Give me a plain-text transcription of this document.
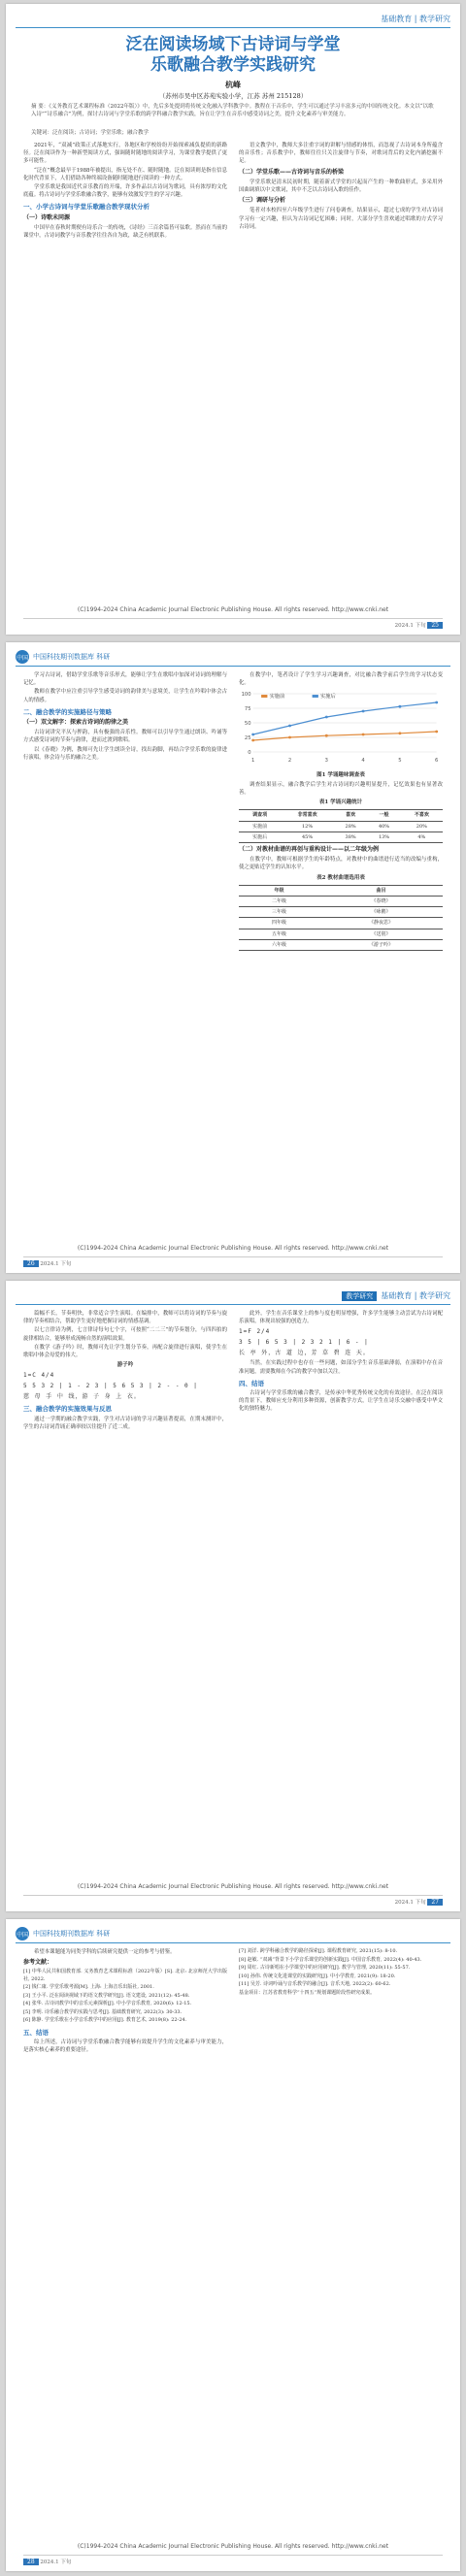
基础教育 | 教学研究
泛在阅读场域下古诗词与学堂
乐歌融合教学实践研究
杭峰
（苏州市吴中区苏苑实验小学，江苏 苏州 215128）
摘 要：《义务教育艺术课程标准（2022年版）》中，先后多处提到将传统文化融入学科教学中。教程在于音乐中，学生可以通过学习丰富多元的中国传统文化。本文以“以歌入诗”“诗乐融合”为例，探讨古诗词与学堂乐歌的跨学科融合教学实践，旨在让学生在音乐中感受诗词之美，提升文化素养与审美能力。
关键词：泛在阅读；古诗词；学堂乐歌；融合教学

2021年，“双减”政策正式落地实行，各地区和学校纷纷开始探索减负提质的新路径。泛在阅读作为一种新型阅读方式，强调随时随地的阅读学习，为课堂教学提供了更多可能性。

“泛在”概念最早于1988年被提出，指无处不在、随时随地。泛在阅读则是指在信息化时代背景下，人们借助各种终端设备随时随地进行阅读的一种方式。

学堂乐歌是我国近代音乐教育的开端，许多作品以古诗词为歌词，具有浓厚的文化底蕴。将古诗词与学堂乐歌融合教学，能够有效激发学生的学习兴趣。

一、小学古诗词与学堂乐歌融合教学现状分析
（一）诗歌未同源

中国早在春秋时期便有诗乐合一的传统，《诗经》三百余篇皆可弦歌。然而在当前的课堂中，古诗词教学与音乐教学往往各自为政，缺乏有机联系。

语文教学中，教师大多注重字词的讲解与情感的体悟，而忽视了古诗词本身所蕴含的音乐性；音乐教学中，教师往往只关注旋律与节奏，对歌词背后的文化内涵挖掘不足。

（二）学堂乐歌——古诗词与音乐的桥梁

学堂乐歌是清末民初时期，随着新式学堂的兴起而产生的一种歌曲形式，多采用外国曲调填以中文歌词，其中不乏以古诗词入歌的佳作。

（三）调研与分析

笔者对本校四至六年级学生进行了问卷调查，结果显示，超过七成的学生对古诗词学习有一定兴趣，但认为古诗词记忆困难；同时，大部分学生喜欢通过唱歌的方式学习古诗词。

(C)1994-2024 China Academic Journal Electronic Publishing House. All rights reserved. http://www.cnki.net
2024.1 下旬 25
中国 中国科技期刊数据库 科研

学习古诗词，借助学堂乐歌等音乐形式，能够让学生在歌唱中加深对诗词的理解与记忆。

教师在教学中应注重引导学生感受诗词的韵律美与意境美，让学生在吟唱中体会古人的情感。

二、融合教学的实施路径与策略
（一）双文解字：探索古诗词的韵律之美

古诗词讲究平仄与押韵，具有极强的音乐性。教师可以引导学生通过朗读、吟诵等方式感受诗词的节奏与韵律，进而过渡到歌唱。

以《春晓》为例，教师可先让学生朗读全诗，找出韵脚，再结合学堂乐歌的旋律进行演唱，体会诗与乐的融合之美。

在教学中，笔者设计了学生学习兴趣调查，对比融合教学前后学生的学习状态变化。

0
25
50
75
100
1	2	3	4	5	6
实施前	实施后
图1 学诵趣味调查表

调查结果显示，融合教学后学生对古诗词的兴趣明显提升，记忆效果也有显著改善。

表1 学诵兴趣统计
调查项	非常喜欢	喜欢	一般	不喜欢
实施前	12%	28%	40%	20%
实施后	45%	38%	13%	4%
（二）对教材曲谱的再创与重构设计——以二年级为例

在教学中，教师可根据学生的年龄特点，对教材中的曲谱进行适当的改编与重构，使之更贴近学生的认知水平。

表2 教材曲谱选用表
年级	曲目
二年级	《春晓》
三年级	《咏鹅》
四年级	《静夜思》
五年级	《送别》
六年级	《游子吟》
(C)1994-2024 China Academic Journal Electronic Publishing House. All rights reserved. http://www.cnki.net
26 2024.1 下旬
教学研究 基础教育 | 教学研究

篇幅不长，节奏明快，非常适合学生演唱。在编排中，教师可以将诗词的节奏与旋律的节奏相结合，帮助学生更好地把握诗词的情感基调。

以七言律诗为例，七言律诗每句七个字，可按照“二二三”的节奏划分，与四四拍的旋律相结合，能够形成流畅自然的演唱效果。

在教学《游子吟》时，教师可先让学生划分节奏，再配合旋律进行演唱，使学生在歌唱中体会母爱的伟大。

游子吟
1=C 4/4
5 5 3 2 | 1 - 2 3 | 5 6 5 3 | 2 - - 0 |
慈 母 手 中 线，游 子 身 上 衣。
三、融合教学的实施效果与反思

通过一学期的融合教学实践，学生对古诗词的学习兴趣显著提高，在期末测评中，学生的古诗词背诵正确率较以往提升了近二成。

此外，学生在音乐课堂上的参与度也明显增强，许多学生能够主动尝试为古诗词配乐演唱，体现出较强的创造力。

1=F 2/4
3 5 | 6 5 3 | 2 3 2 1 | 6 - |
长 亭 外，古 道 边，芳 草 碧 连 天。

当然，在实践过程中也存在一些问题，如部分学生音乐基础薄弱，在演唱中存在音准问题，需要教师在今后的教学中加以关注。

四、结语

古诗词与学堂乐歌的融合教学，是传承中华优秀传统文化的有效途径。在泛在阅读的背景下，教师应充分利用多种资源，创新教学方式，让学生在诗乐交融中感受中华文化的独特魅力。

(C)1994-2024 China Academic Journal Electronic Publishing House. All rights reserved. http://www.cnki.net
2024.1 下旬 27
中国 中国科技期刊数据库 科研

希望本课题能为同类学科的后续研究提供一定的参考与借鉴。

参考文献：

[1] 中华人民共和国教育部. 义务教育艺术课程标准（2022年版）[S]. 北京: 北京师范大学出版社, 2022.

[2] 钱仁康. 学堂乐歌考源[M]. 上海: 上海音乐出版社, 2001.

[3] 王小平. 泛在阅读视域下的语文教学研究[J]. 语文建设, 2021(12): 45-48.

[4] 张华. 古诗词教学中的音乐元素探析[J]. 中小学音乐教育, 2020(6): 12-15.

[5] 李明. 诗乐融合教学的实践与思考[J]. 基础教育研究, 2022(3): 30-33.

[6] 陈静. 学堂乐歌在小学音乐教学中的应用[J]. 教育艺术, 2019(8): 22-24.

五、结语

综上所述，古诗词与学堂乐歌融合教学能够有效提升学生的文化素养与审美能力，是落实核心素养的重要途径。

[7] 刘洋. 跨学科融合教学的路径探索[J]. 课程教育研究, 2021(15): 8-10.

[8] 赵敏. “双减”背景下小学音乐课堂的创新实践[J]. 中国音乐教育, 2022(4): 40-43.

[9] 周红. 古诗新唱在小学课堂中的应用研究[J]. 教学与管理, 2020(11): 55-57.

[10] 孙伟. 传统文化进课堂的实践研究[J]. 中小学教育, 2021(9): 18-20.

[11] 吴芳. 诗词吟诵与音乐教学的融合[J]. 音乐天地, 2022(2): 60-62.

基金项目：江苏省教育科学“十四五”规划课题阶段性研究成果。

(C)1994-2024 China Academic Journal Electronic Publishing House. All rights reserved. http://www.cnki.net
28 2024.1 下旬
